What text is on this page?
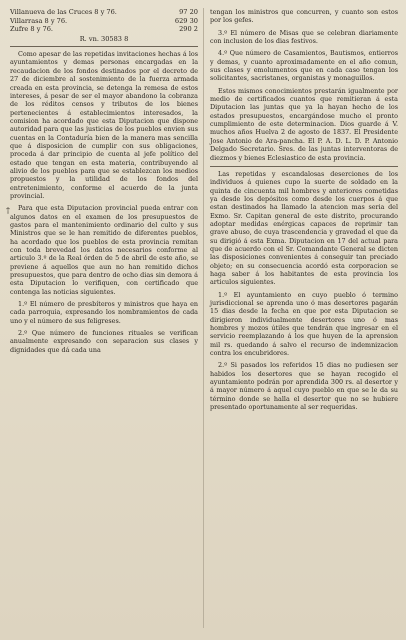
Villanueva de las Cruces 8 y 76.	97 20
Villarrasa 8 y 76.	629 30
Zufre 8 y 76.	290 2
R. vn. 30583 8

Como apesar de las repetidas invitaciones hechas á los ayuntamientos y demas personas encargadas en la recaudacion de los fondos destinados por el decreto de 27 de diciembre al sostenimiento de la fuerza armada creada en esta provincia, se detenga la remesa de estos intereses, á pesar de ser el mayor abandono la cobranza de los réditos censos y tributos de los bienes pertenecientes á establecimientos interesados, la comision ha acordado que esta Diputacion que dispone autoridad para que las justicias de los pueblos envien sus cuentas en la Contaduría bien de la manera mas sencilla que á disposicion de cumplir con sus obligaciones, proceda á dar principio de cuenta al jefe político del estado que tengan en esta materia, contribuyendo al alivio de los pueblos para que se establezcan los medios propuestos y la utilidad de los fondos del entretenimiento, conforme el acuerdo de la junta provincial.

Para que esta Diputacion provincial pueda entrar con algunos datos en el examen de los presupuestos de gastos para el mantenimiento ordinario del culto y sus Ministros que se le han remitido de diferentes pueblos, ha acordado que los pueblos de esta provincia remitan con toda brevedad los datos necesarios conforme al articulo 3.º de la Real órden de 5 de abril de este año, se previene á aquellos que aun no han remitido dichos presupuestos, que para dentro de ocho dias sin demora á esta Diputacion lo verifiquen, con certificado que contenga las noticias siguientes.

1.º El número de presbíteros y ministros que haya en cada parroquia, expresando los nombramientos de cada uno y el número de sus feligreses.

2.º Que número de funciones rituales se verifican anualmente expresando con separacion sus clases y dignidades que dá cada una

†

tengan los ministros que concurren, y cuanto son estos por los gefes.

3.º El número de Misas que se celebran diariamente con inclusion de los dias festivos.

4.º Que número de Casamientos, Bautismos, entierros y demas, y cuanto aproximadamente en el año comun, sus clases y emolumentos que en cada caso tengan los solicitantes, sacristanes, organistas y monaguillos.

Estos mismos conocimientos prestarán igualmente por medio de certificados cuantos que remitieran á esta Diputacion las juntas que ya la hayan hecho de los estados presupuestos, encargándose mucho el pronto cumplimiento de este determinacion. Dios guarde á V. muchos años Huelva 2 de agosto de 1837. El Presidente Jose Antonio de Ara-pancha. El P. A. D. L. D. P. Antonio Delgado Secretario. Sres. de las juntas interventoras de diezmos y bienes Eclesiastico de esta provincia.

Las repetidas y escandalosas deserciones de los individuos á quienes cupo la suerte de soldado en la quinta de cincuenta mil hombres y anteriores cometidas ya desde los depósitos como desde los cuerpos á que estan destinados ha llamado la atencion mas seria del Exmo. Sr. Capitan general de este distrito, procurando adoptar medidas enérgicas capaces de reprimir tan grave abuso, de cuya trascendencia y gravedad el que da su dirigió á esta Exma. Diputacion en 17 del actual para que de acuerdo con el Sr. Comandante General se dicten las disposiciones convenientes á conseguir tan preciado objeto; en su consecuencia acordó esta corporacion se haga saber á los habitantes de esta provincia los articulos siguientes.

1.º El ayuntamiento en cuyo pueblo ó termino jurisdiccional se aprenda uno ó mas desertores pagarán 15 dias desde la fecha en que por esta Diputacion se dirigieron individualmente desertores uno ó mas hombres y mozos útiles que tendrán que ingresar en el servicio reemplazando á los que huyen de la aprension mil rs. quedando á salvo el recurso de indemnizacion contra los encubridores.

2.º Si pasados los referidos 15 dias no pudiesen ser habidos los desertores que se hayan recogido el ayuntamiento podrán por aprendida 300 rs. al desertor y á mayor número á aquel cuyo pueblo en que se le da su término donde se halla el desertor que no se hubiere presentado oportunamente al ser requeridas.
